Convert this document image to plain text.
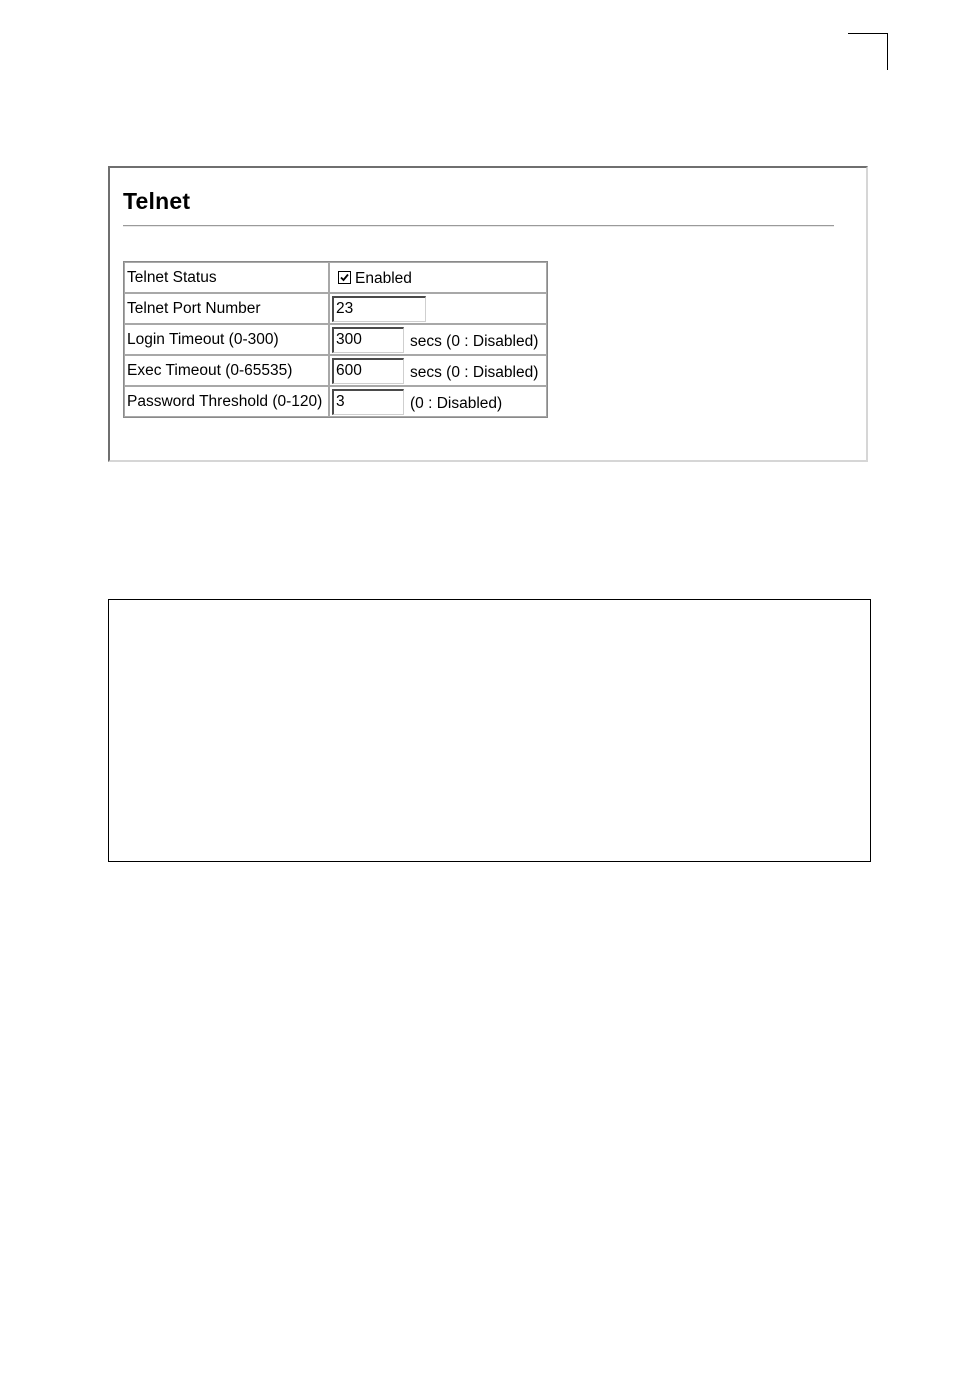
Telnet
Telnet Status	Enabled
Telnet Port Number	23
Login Timeout (0-300)	300 secs (0 : Disabled)
Exec Timeout (0-65535)	600 secs (0 : Disabled)
Password Threshold (0-120)	3 (0 : Disabled)
